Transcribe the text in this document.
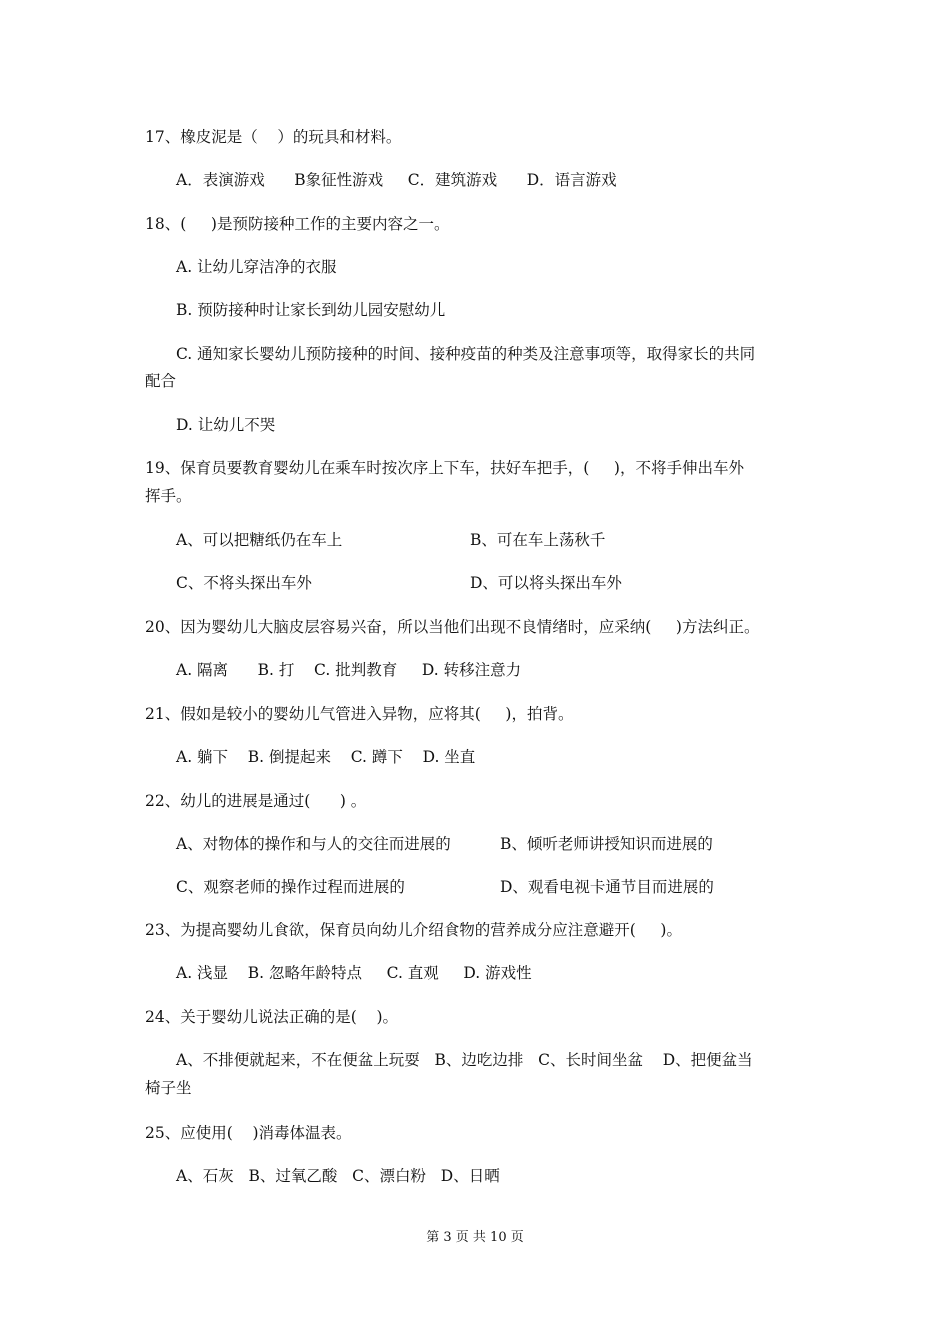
17、橡皮泥是（    ）的玩具和材料。
A．表演游戏      B象征性游戏     C．建筑游戏      D．语言游戏
18、(     )是预防接种工作的主要内容之一。
A. 让幼儿穿洁净的衣服
B. 预防接种时让家长到幼儿园安慰幼儿
C. 通知家长婴幼儿预防接种的时间、接种疫苗的种类及注意事项等，取得家长的共同
配合
D. 让幼儿不哭
19、保育员要教育婴幼儿在乘车时按次序上下车，扶好车把手，(     )，不将手伸出车外
挥手。
A、可以把糖纸仍在车上	B、可在车上荡秋千
C、不将头探出车外	D、可以将头探出车外
20、因为婴幼儿大脑皮层容易兴奋，所以当他们出现不良情绪时，应采纳(     )方法纠正。
A. 隔离      B. 打    C. 批判教育     D. 转移注意力
21、假如是较小的婴幼儿气管进入异物，应将其(     )，拍背。
A. 躺下    B. 倒提起来    C. 蹲下    D. 坐直
22、幼儿的进展是通过(      ) 。
A、对物体的操作和与人的交往而进展的	B、倾听老师讲授知识而进展的
C、观察老师的操作过程而进展的	D、观看电视卡通节目而进展的
23、为提高婴幼儿食欲，保育员向幼儿介绍食物的营养成分应注意避开(     )。
A. 浅显    B. 忽略年龄特点     C. 直观     D. 游戏性
24、关于婴幼儿说法正确的是(    )。
A、不排便就起来，不在便盆上玩耍   B、边吃边排   C、长时间坐盆    D、把便盆当
椅子坐
25、应使用(    )消毒体温表。
A、石灰   B、过氧乙酸   C、漂白粉   D、日晒
第 3 页 共 10 页
